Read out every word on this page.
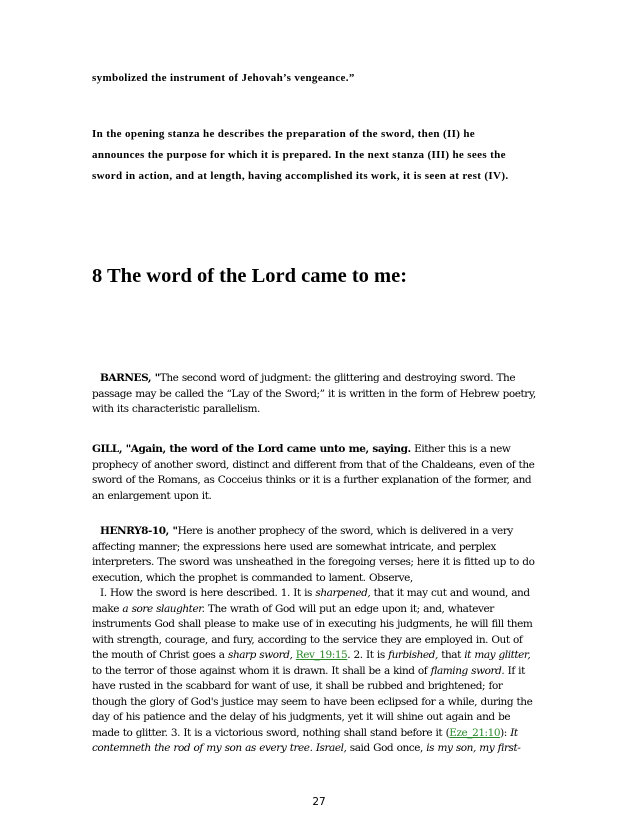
symbolized the instrument of Jehovah’s vengeance.”

In the opening stanza he describes the preparation of the sword, then (II) he
announces the purpose for which it is prepared. In the next stanza (III) he sees the
sword in action, and at length, having accomplished its work, it is seen at rest (IV).

8 The word of the Lord came to me:

BARNES, "The second word of judgment: the glittering and destroying sword. The
passage may be called the “Lay of the Sword;” it is written in the form of Hebrew poetry,
with its characteristic parallelism.

GILL, "Again, the word of the Lord came unto me, saying. Either this is a new
prophecy of another sword, distinct and different from that of the Chaldeans, even of the
sword of the Romans, as Cocceius thinks or it is a further explanation of the former, and
an enlargement upon it.

HENRY8-10, "Here is another prophecy of the sword, which is delivered in a very
affecting manner; the expressions here used are somewhat intricate, and perplex
interpreters. The sword was unsheathed in the foregoing verses; here it is fitted up to do
execution, which the prophet is commanded to lament. Observe,
I. How the sword is here described. 1. It is sharpened, that it may cut and wound, and
make a sore slaughter. The wrath of God will put an edge upon it; and, whatever
instruments God shall please to make use of in executing his judgments, he will fill them
with strength, courage, and fury, according to the service they are employed in. Out of
the mouth of Christ goes a sharp sword, Rev_19:15. 2. It is furbished, that it may glitter,
to the terror of those against whom it is drawn. It shall be a kind of flaming sword. If it
have rusted in the scabbard for want of use, it shall be rubbed and brightened; for
though the glory of God's justice may seem to have been eclipsed for a while, during the
day of his patience and the delay of his judgments, yet it will shine out again and be
made to glitter. 3. It is a victorious sword, nothing shall stand before it (Eze_21:10): It
contemneth the rod of my son as every tree. Israel, said God once, is my son, my first-

27
